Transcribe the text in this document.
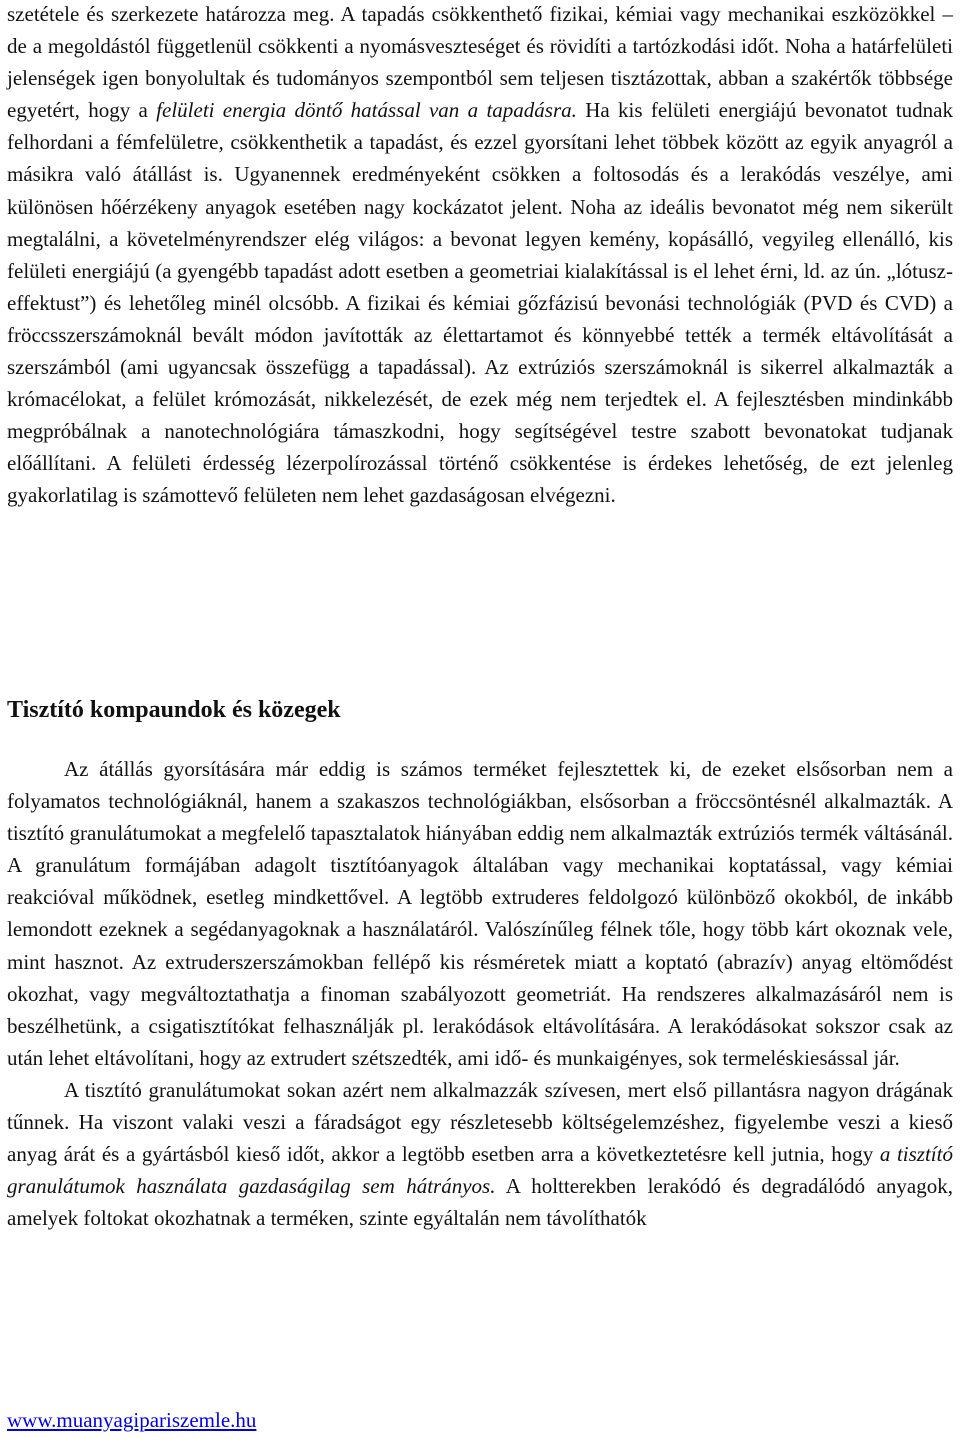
szetétele és szerkezete határozza meg. A tapadás csökkenthető fizikai, kémiai vagy mechanikai eszközökkel – de a megoldástól függetlenül csökkenti a nyomásveszteséget és rövidíti a tartózkodási időt. Noha a határfelületi jelenségek igen bonyolultak és tudományos szempontból sem teljesen tisztázottak, abban a szakértők többsége egyetért, hogy a felületi energia döntő hatással van a tapadásra. Ha kis felületi energiájú bevonatot tudnak felhordani a fémfelületre, csökkenthetik a tapadást, és ezzel gyorsítani lehet többek között az egyik anyagról a másikra való átállást is. Ugyanennek eredményeként csökken a foltosodás és a lerakódás veszélye, ami különösen hőérzékeny anyagok esetében nagy kockázatot jelent. Noha az ideális bevonatot még nem sikerült megtalálni, a követelményrendszer elég világos: a bevonat legyen kemény, kopásálló, vegyileg ellenálló, kis felületi energiájú (a gyengébb tapadást adott esetben a geometriai kialakítással is el lehet érni, ld. az ún. „lótusz-effektust”) és lehetőleg minél olcsóbb. A fizikai és kémiai gőzfázisú bevonási technológiák (PVD és CVD) a fröccsszerszámoknál bevált módon javították az élettartamot és könnyebbé tették a termék eltávolítását a szerszámból (ami ugyancsak összefügg a tapadással). Az extrúziós szerszámoknál is sikerrel alkalmazták a krómacélokat, a felület krómozását, nikkelezését, de ezek még nem terjedtek el. A fejlesztésben mindinkább megpróbálnak a nanotechnológiára támaszkodni, hogy segítségével testre szabott bevonatokat tudjanak előállítani. A felületi érdesség lézerpolírozással történő csökkentése is érdekes lehetőség, de ezt jelenleg gyakorlatilag is számottevő felületen nem lehet gazdaságosan elvégezni.

Tisztító kompaundok és közegek

Az átállás gyorsítására már eddig is számos terméket fejlesztettek ki, de ezeket elsősorban nem a folyamatos technológiáknál, hanem a szakaszos technológiákban, elsősorban a fröccsöntésnél alkalmazták. A tisztító granulátumokat a megfelelő tapasztalatok hiányában eddig nem alkalmazták extrúziós termék váltásánál. A granulátum formájában adagolt tisztítóanyagok általában vagy mechanikai koptatással, vagy kémiai reakcióval működnek, esetleg mindkettővel. A legtöbb extruderes feldolgozó különböző okokból, de inkább lemondott ezeknek a segédanyagoknak a használatáról. Valószínűleg félnek tőle, hogy több kárt okoznak vele, mint hasznot. Az extruderszerszámokban fellépő kis résméretek miatt a koptató (abrazív) anyag eltömődést okozhat, vagy megváltoztathatja a finoman szabályozott geometriát. Ha rendszeres alkalmazásáról nem is beszélhetünk, a csigatisztítókat felhasználják pl. lerakódások eltávolítására. A lerakódásokat sokszor csak az után lehet eltávolítani, hogy az extrudert szétszedték, ami idő- és munkaigényes, sok termeléskiesással jár.

A tisztító granulátumokat sokan azért nem alkalmazzák szívesen, mert első pillantásra nagyon drágának tűnnek. Ha viszont valaki veszi a fáradságot egy részletesebb költségelemzéshez, figyelembe veszi a kieső anyag árát és a gyártásból kieső időt, akkor a legtöbb esetben arra a következtetésre kell jutnia, hogy a tisztító granulátumok használata gazdaságilag sem hátrányos. A holtterekben lerakódó és degradálódó anyagok, amelyek foltokat okozhatnak a terméken, szinte egyáltalán nem távolíthatók

www.muanyagipariszemle.hu
